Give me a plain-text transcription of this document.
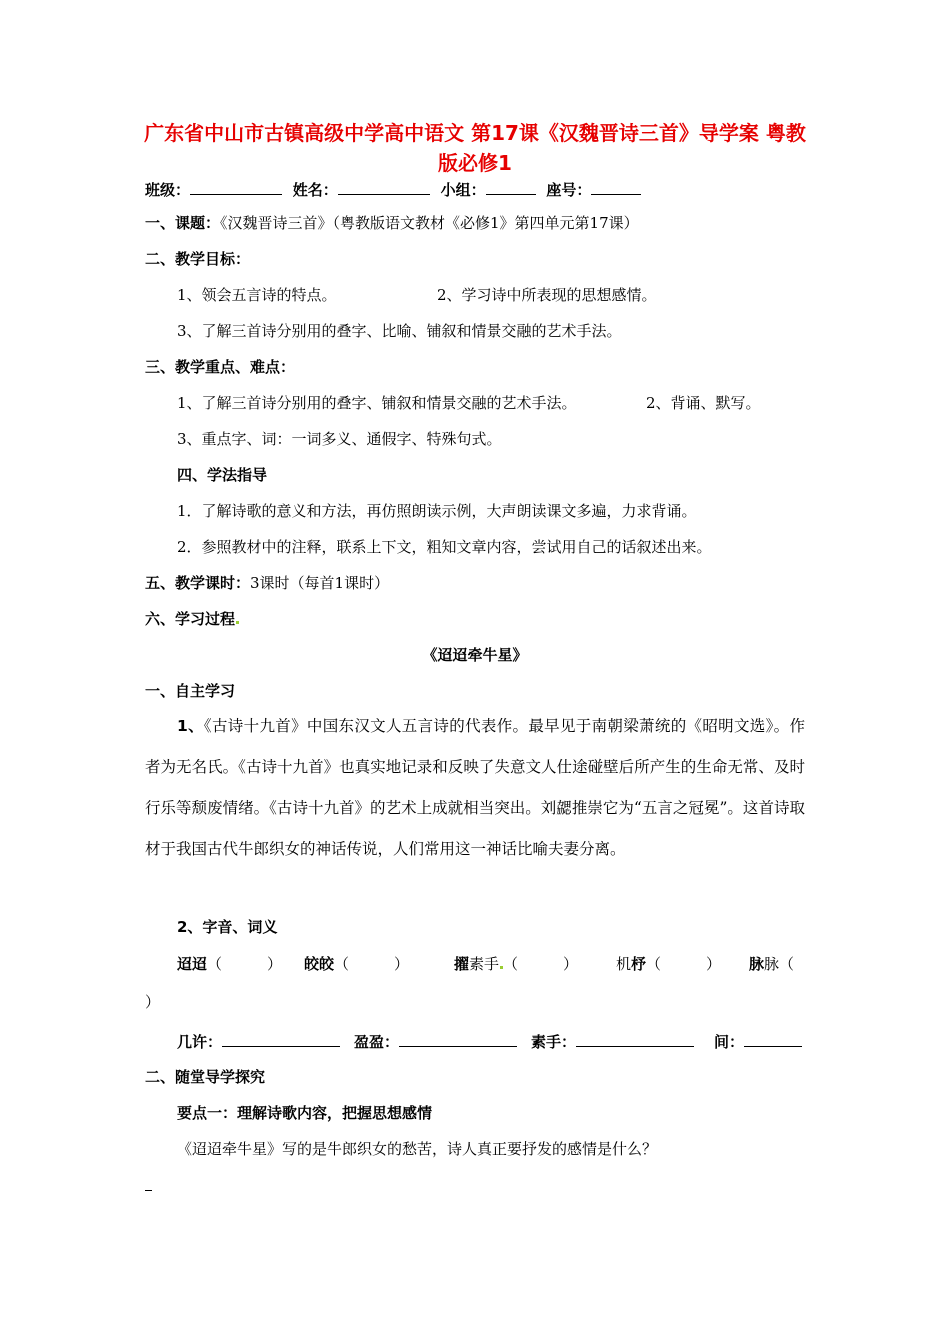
广东省中山市古镇高级中学高中语文 第17课《汉魏晋诗三首》导学案 粤教版必修1
班级：	姓名：	小组：	座号：
一、课题：《汉魏晋诗三首》（粤教版语文教材《必修1》第四单元第17课）
二、教学目标：
1、领会五言诗的特点。	2、学习诗中所表现的思想感情。
3、了解三首诗分别用的叠字、比喻、铺叙和情景交融的艺术手法。
三、教学重点、难点：
1、了解三首诗分别用的叠字、铺叙和情景交融的艺术手法。	2、背诵、默写。
3、重点字、词：一词多义、通假字、特殊句式。
四、学法指导
1．了解诗歌的意义和方法，再仿照朗读示例，大声朗读课文多遍，力求背诵。
2．参照教材中的注释，联系上下文，粗知文章内容，尝试用自己的话叙述出来。
五、教学课时：3课时（每首1课时）
六、学习过程
《迢迢牵牛星》
一、自主学习
1、《古诗十九首》中国东汉文人五言诗的代表作。最早见于南朝梁萧统的《昭明文选》。作者为无名氏。《古诗十九首》也真实地记录和反映了失意文人仕途碰壁后所产生的生命无常、及时行乐等颓废情绪。《古诗十九首》的艺术上成就相当突出。刘勰推崇它为“五言之冠冕”。这首诗取材于我国古代牛郎织女的神话传说，人们常用这一神话比喻夫妻分离。
2、字音、词义
迢迢（　　　） 皎皎（　　　）	擢素手 （　　　）	机杼（　　　） 脉脉（
）
几许：	盈盈：	素手：	间：
二、随堂导学探究
要点一：理解诗歌内容，把握思想感情
《迢迢牵牛星》写的是牛郎织女的愁苦，诗人真正要抒发的感情是什么？
